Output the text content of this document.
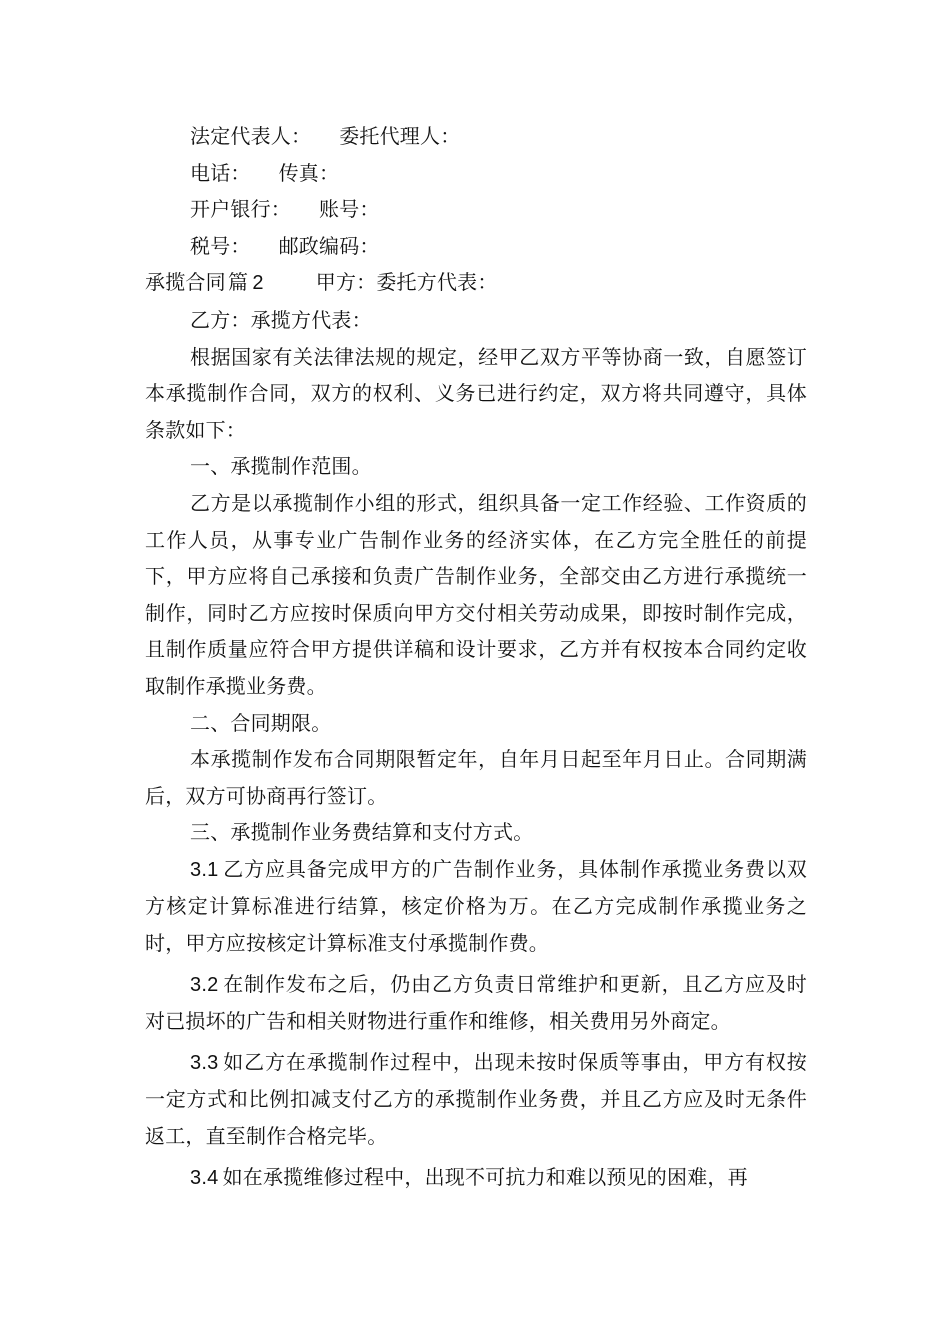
法定代表人： 委托代理人：

电话： 传真：

开户银行： 账号：

税号： 邮政编码：

承揽合同  篇  2	甲方：委托方代表：

乙方：承揽方代表：

根据国家有关法律法规的规定，经甲乙双方平等协商一致，自愿签订本承揽制作合同，双方的权利、义务已进行约定，双方将共同遵守，具体条款如下：

一、承揽制作范围。

乙方是以承揽制作小组的形式，组织具备一定工作经验、工作资质的工作人员，从事专业广告制作业务的经济实体，在乙方完全胜任的前提下，甲方应将自己承接和负责广告制作业务，全部交由乙方进行承揽统一制作，同时乙方应按时保质向甲方交付相关劳动成果，即按时制作完成，且制作质量应符合甲方提供详稿和设计要求，乙方并有权按本合同约定收取制作承揽业务费。

二、合同期限。

本承揽制作发布合同期限暂定年，自年月日起至年月日止。合同期满后，双方可协商再行签订。

三、承揽制作业务费结算和支付方式。

3.1  乙方应具备完成甲方的广告制作业务，具体制作承揽业务费以双方核定计算标准进行结算，核定价格为万。在乙方完成制作承揽业务之时，甲方应按核定计算标准支付承揽制作费。

3.2  在制作发布之后，仍由乙方负责日常维护和更新，且乙方应及时对已损坏的广告和相关财物进行重作和维修，相关费用另外商定。

3.3  如乙方在承揽制作过程中，出现未按时保质等事由，甲方有权按一定方式和比例扣减支付乙方的承揽制作业务费，并且乙方应及时无条件返工，直至制作合格完毕。

3.4  如在承揽维修过程中，出现不可抗力和难以预见的困难，再
